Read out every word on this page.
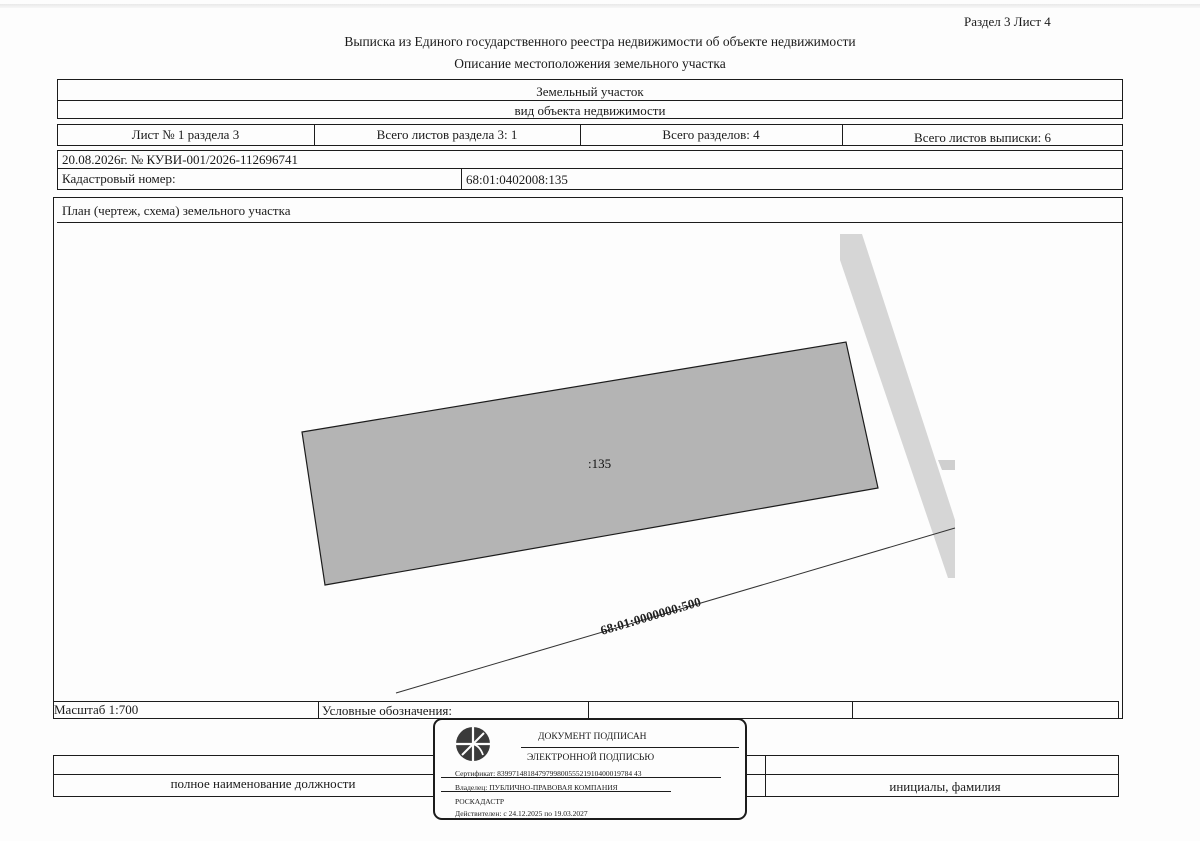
Раздел 3 Лист 4
Выписка из Единого государственного реестра недвижимости об объекте недвижимости
Описание местоположения земельного участка
Земельный участок
вид объекта недвижимости
Лист № 1 раздела 3	Всего листов раздела 3: 1	Всего разделов: 4	Всего листов выписки: 6
20.08.2026г. № КУВИ-001/2026-112696741
Кадастровый номер:	68:01:0402008:135
План (чертеж, схема) земельного участка
:135
68:01:0000000:500
Масштаб 1:700	Условные обозначения:
полное наименование должности	инициалы, фамилия
ДОКУМЕНТ ПОДПИСАН
ЭЛЕКТРОННОЙ ПОДПИСЬЮ
Сертификат: 839971481847979980055521910400019784 43
Владелец: ПУБЛИЧНО-ПРАВОВАЯ КОМПАНИЯ
РОСКАДАСТР
Действителен: с 24.12.2025 по 19.03.2027
